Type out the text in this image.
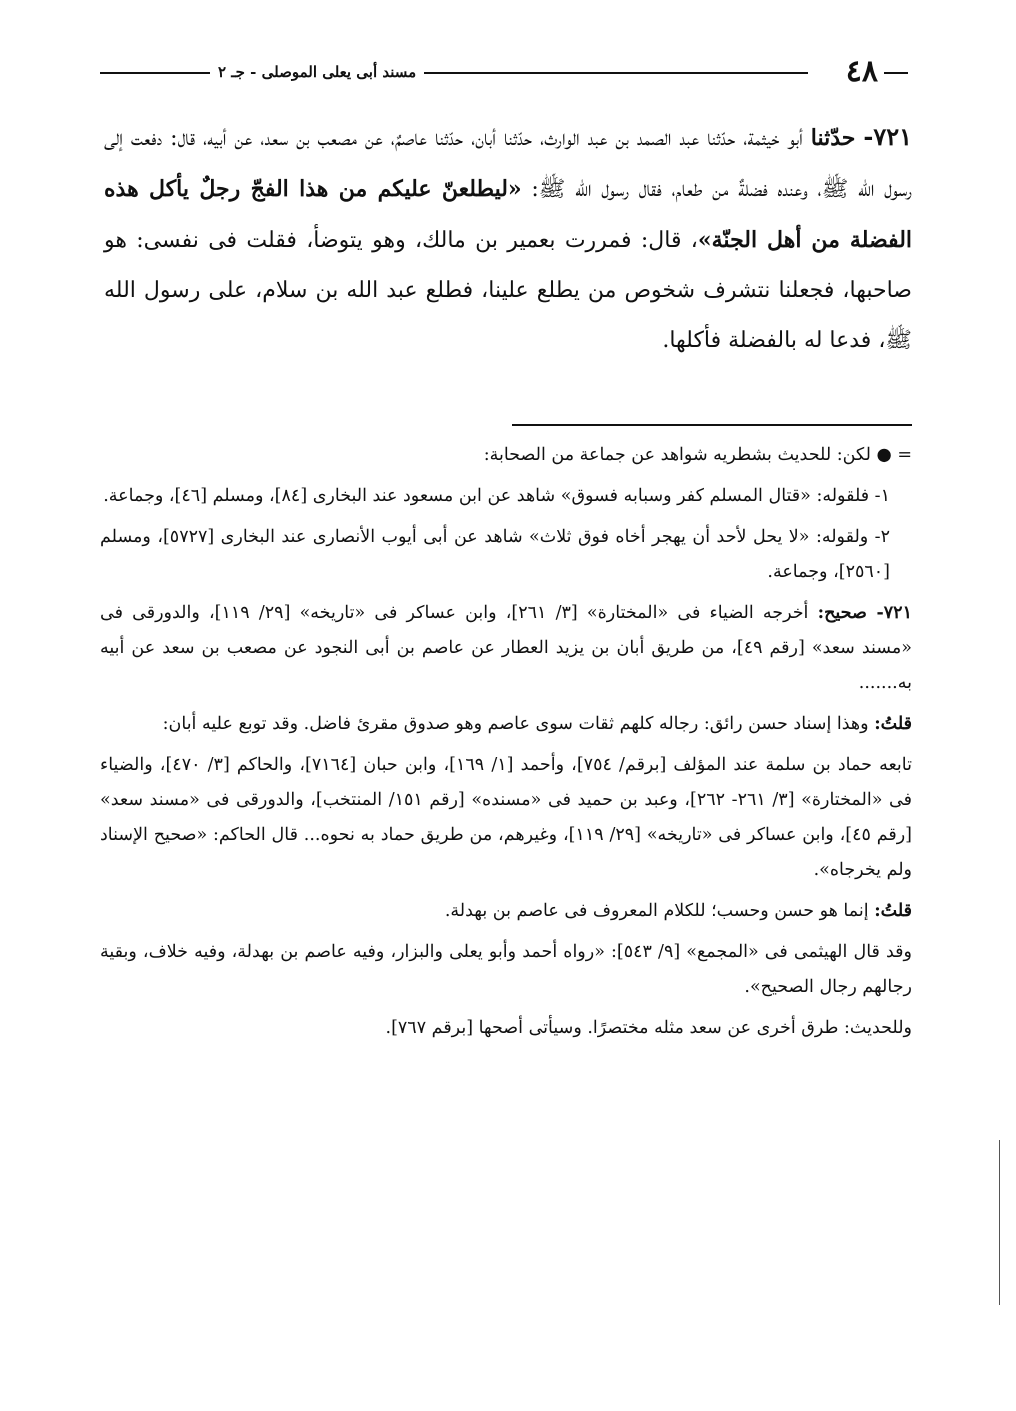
٤٨
مسند أبى يعلى الموصلى - جـ ٢
٧٢١- حدّثنا أبو خيثمة، حدّثنا عبد الصمد بن عبد الوارث، حدّثنا أبان، حدّثنا عاصمٌ، عن مصعب بن سعد، عن أبيه، قال: دفعت إلى رسول الله ﷺ، وعنده فضلةٌ من طعام، فقال رسول الله ﷺ: «ليطلعنّ عليكم من هذا الفجّ رجلٌ يأكل هذه الفضلة من أهل الجنّة»، قال: فمررت بعمير بن مالك، وهو يتوضأ، فقلت فى نفسى: هو صاحبها، فجعلنا نتشرف شخوص من يطلع علينا، فطلع عبد الله بن سلام، على رسول الله ﷺ، فدعا له بالفضلة فأكلها.

= ● لكن: للحديث بشطريه شواهد عن جماعة من الصحابة:

١- فلقوله: «قتال المسلم كفر وسبابه فسوق» شاهد عن ابن مسعود عند البخارى [٨٤]، ومسلم [٤٦]، وجماعة.

٢- ولقوله: «لا يحل لأحد أن يهجر أخاه فوق ثلاث» شاهد عن أبى أيوب الأنصارى عند البخارى [٥٧٢٧]، ومسلم [٢٥٦٠]، وجماعة.

٧٢١- صحيح: أخرجه الضياء فى «المختارة» [٣/ ٢٦١]، وابن عساكر فى «تاريخه» [٢٩/ ١١٩]، والدورقى فى «مسند سعد» [رقم ٤٩]، من طريق أبان بن يزيد العطار عن عاصم بن أبى النجود عن مصعب بن سعد عن أبيه به.......

قلتُ: وهذا إسناد حسن رائق: رجاله كلهم ثقات سوى عاصم وهو صدوق مقرئ فاضل. وقد توبع عليه أبان:

تابعه حماد بن سلمة عند المؤلف [برقم/ ٧٥٤]، وأحمد [١/ ١٦٩]، وابن حبان [٧١٦٤]، والحاكم [٣/ ٤٧٠]، والضياء فى «المختارة» [٣/ ٢٦١- ٢٦٢]، وعبد بن حميد فى «مسنده» [رقم ١٥١/ المنتخب]، والدورقى فى «مسند سعد» [رقم ٤٥]، وابن عساكر فى «تاريخه» [٢٩/ ١١٩]، وغيرهم، من طريق حماد به نحوه... قال الحاكم: «صحيح الإسناد ولم يخرجاه».

قلتُ: إنما هو حسن وحسب؛ للكلام المعروف فى عاصم بن بهدلة.

وقد قال الهيثمى فى «المجمع» [٩/ ٥٤٣]: «رواه أحمد وأبو يعلى والبزار، وفيه عاصم بن بهدلة، وفيه خلاف، وبقية رجالهم رجال الصحيح».

وللحديث: طرق أخرى عن سعد مثله مختصرًا. وسيأتى أصحها [برقم ٧٦٧].
